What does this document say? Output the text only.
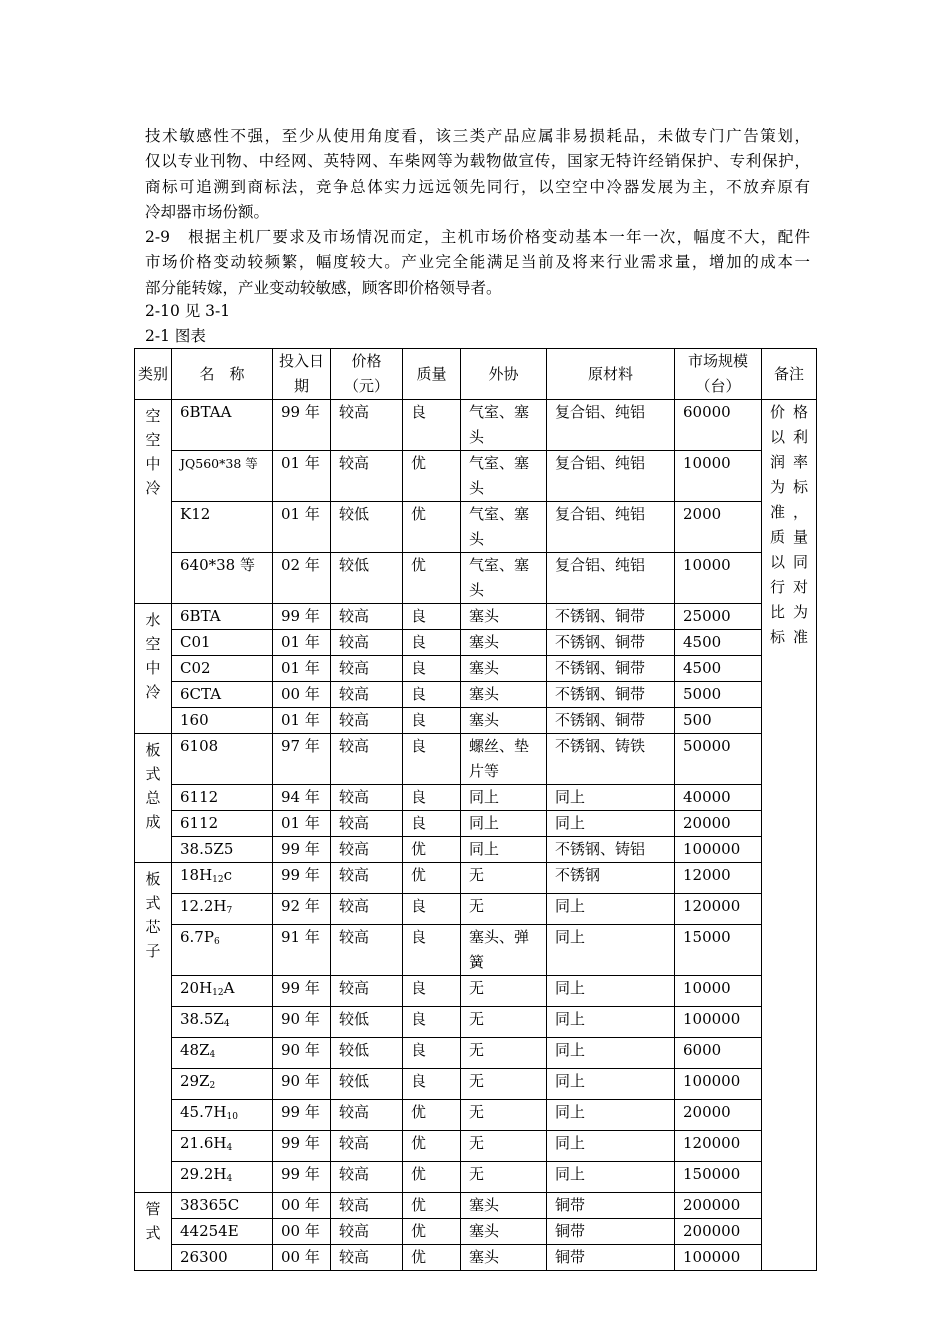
技术敏感性不强，至少从使用角度看，该三类产品应属非易损耗品，未做专门广告策划，
仅以专业刊物、中经网、英特网、车柴网等为载物做宣传，国家无特许经销保护、专利保护，
商标可追溯到商标法，竞争总体实力远远领先同行，以空空中冷器发展为主，不放弃原有
冷却器市场份额。
2-9　根据主机厂要求及市场情况而定，主机市场价格变动基本一年一次，幅度不大，配件
市场价格变动较频繁，幅度较大。产业完全能满足当前及将来行业需求量，增加的成本一
部分能转嫁，产业变动较敏感，顾客即价格领导者。
2-10 见 3-1
2-1 图表
类别	名　称	投入日期	价格（元）	质量	外协	原材料	市场规模（台）	备注

空空中冷	6BTAA	99 年	较高	良	气室、塞头	复合铝、纯铝	60000	价格以利润率为标准，质量以同行对比为标准
	JQ560*38 等	01 年	较高	优	气室、塞头	复合铝、纯铝	10000	
	K12	01 年	较低	优	气室、塞头	复合铝、纯铝	2000	
	640*38 等	02 年	较低	优	气室、塞头	复合铝、纯铝	10000	

水空中冷	6BTA	99 年	较高	良	塞头	不锈钢、铜带	25000	
	C01	01 年	较高	良	塞头	不锈钢、铜带	4500	
	C02	01 年	较高	良	塞头	不锈钢、铜带	4500	
	6CTA	00 年	较高	良	塞头	不锈钢、铜带	5000	
	160	01 年	较高	良	塞头	不锈钢、铜带	500	

板式总成	6108	97 年	较高	良	螺丝、垫片等	不锈钢、铸铁	50000	
	6112	94 年	较高	良	同上	同上	40000	
	6112	01 年	较高	良	同上	同上	20000	
	38.5Z5	99 年	较高	优	同上	不锈钢、铸铝	100000	

板式芯子	$18H_{12}c$	99 年	较高	优	无	不锈钢	12000	
	$12.2H_7$	92 年	较高	良	无	同上	120000	
	$6.7P_6$	91 年	较高	良	塞头、弹簧	同上	15000	
	$20H_{12}A$	99 年	较高	良	无	同上	10000	
	$38.5Z_4$	90 年	较低	良	无	同上	100000	
	$48Z_4$	90 年	较低	良	无	同上	6000	
	$29Z_2$	90 年	较低	良	无	同上	100000	
	$45.7H_{10}$	99 年	较高	优	无	同上	20000	
	$21.6H_4$	99 年	较高	优	无	同上	120000	
	$29.2H_4$	99 年	较高	优	无	同上	150000	

管式	38365C	00 年	较高	优	塞头	铜带	200000	
	44254E	00 年	较高	优	塞头	铜带	200000	
	26300	00 年	较高	优	塞头	铜带	100000	
